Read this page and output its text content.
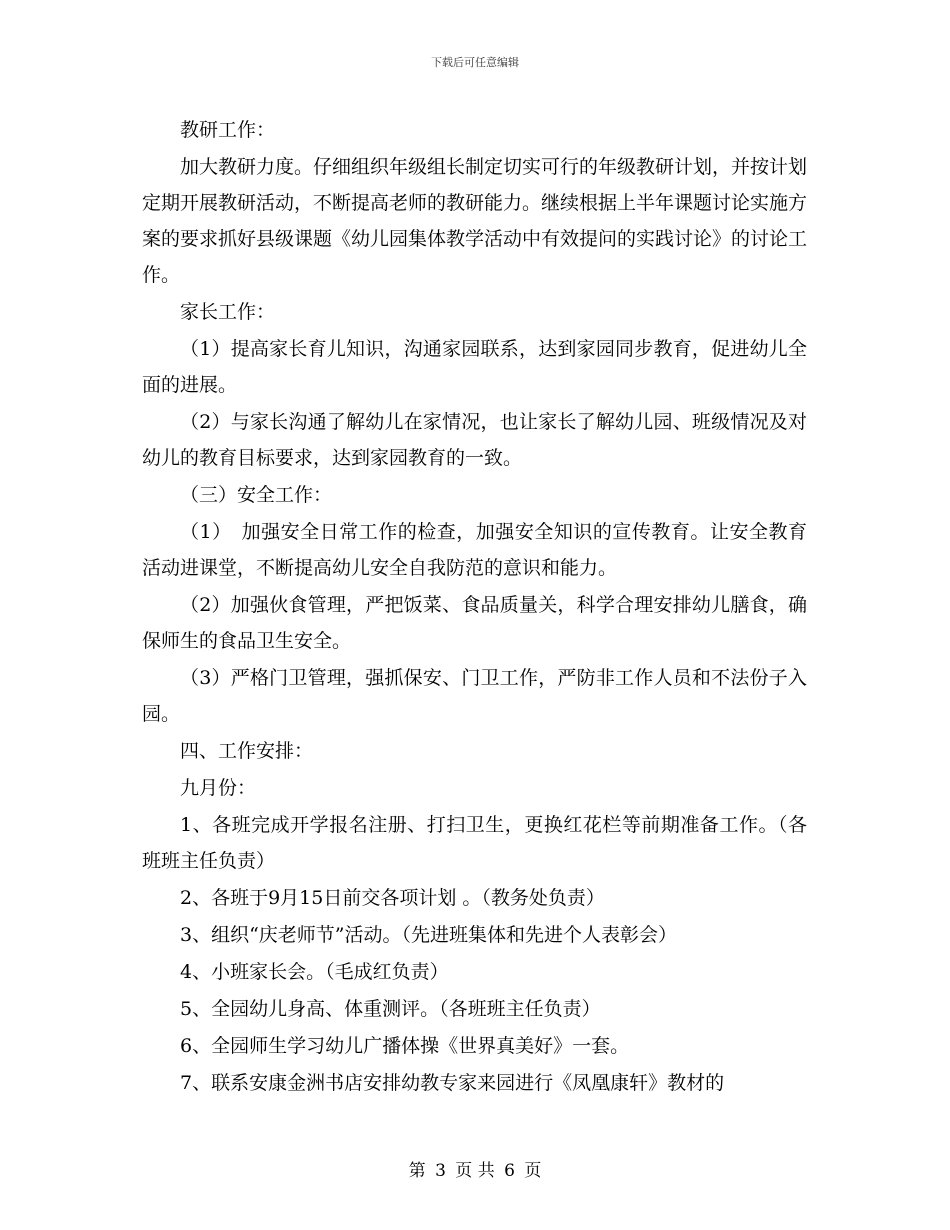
下载后可任意编辑

教研工作：

加大教研力度。仔细组织年级组长制定切实可行的年级教研计划，并按计划定期开展教研活动，不断提高老师的教研能力。继续根据上半年课题讨论实施方案的要求抓好县级课题《幼儿园集体教学活动中有效提问的实践讨论》的讨论工作。

家长工作：

（1）提高家长育儿知识，沟通家园联系，达到家园同步教育，促进幼儿全面的进展。

（2）与家长沟通了解幼儿在家情况，也让家长了解幼儿园、班级情况及对幼儿的教育目标要求，达到家园教育的一致。

（三）安全工作：

（1）　加强安全日常工作的检查，加强安全知识的宣传教育。让安全教育活动进课堂，不断提高幼儿安全自我防范的意识和能力。

（2）加强伙食管理，严把饭菜、食品质量关，科学合理安排幼儿膳食，确保师生的食品卫生安全。

（3）严格门卫管理，强抓保安、门卫工作，严防非工作人员和不法份子入园。

四、工作安排：

九月份：

1、各班完成开学报名注册、打扫卫生，更换红花栏等前期准备工作。（各班班主任负责）

2、各班于9月15日前交各项计划 。（教务处负责）

3、组织“庆老师节”活动。（先进班集体和先进个人表彰会）

4、小班家长会。（毛成红负责）

5、全园幼儿身高、体重测评。（各班班主任负责）

6、全园师生学习幼儿广播体操《世界真美好》一套。

7、联系安康金洲书店安排幼教专家来园进行《凤凰康轩》教材的

第 3 页 共 6 页
